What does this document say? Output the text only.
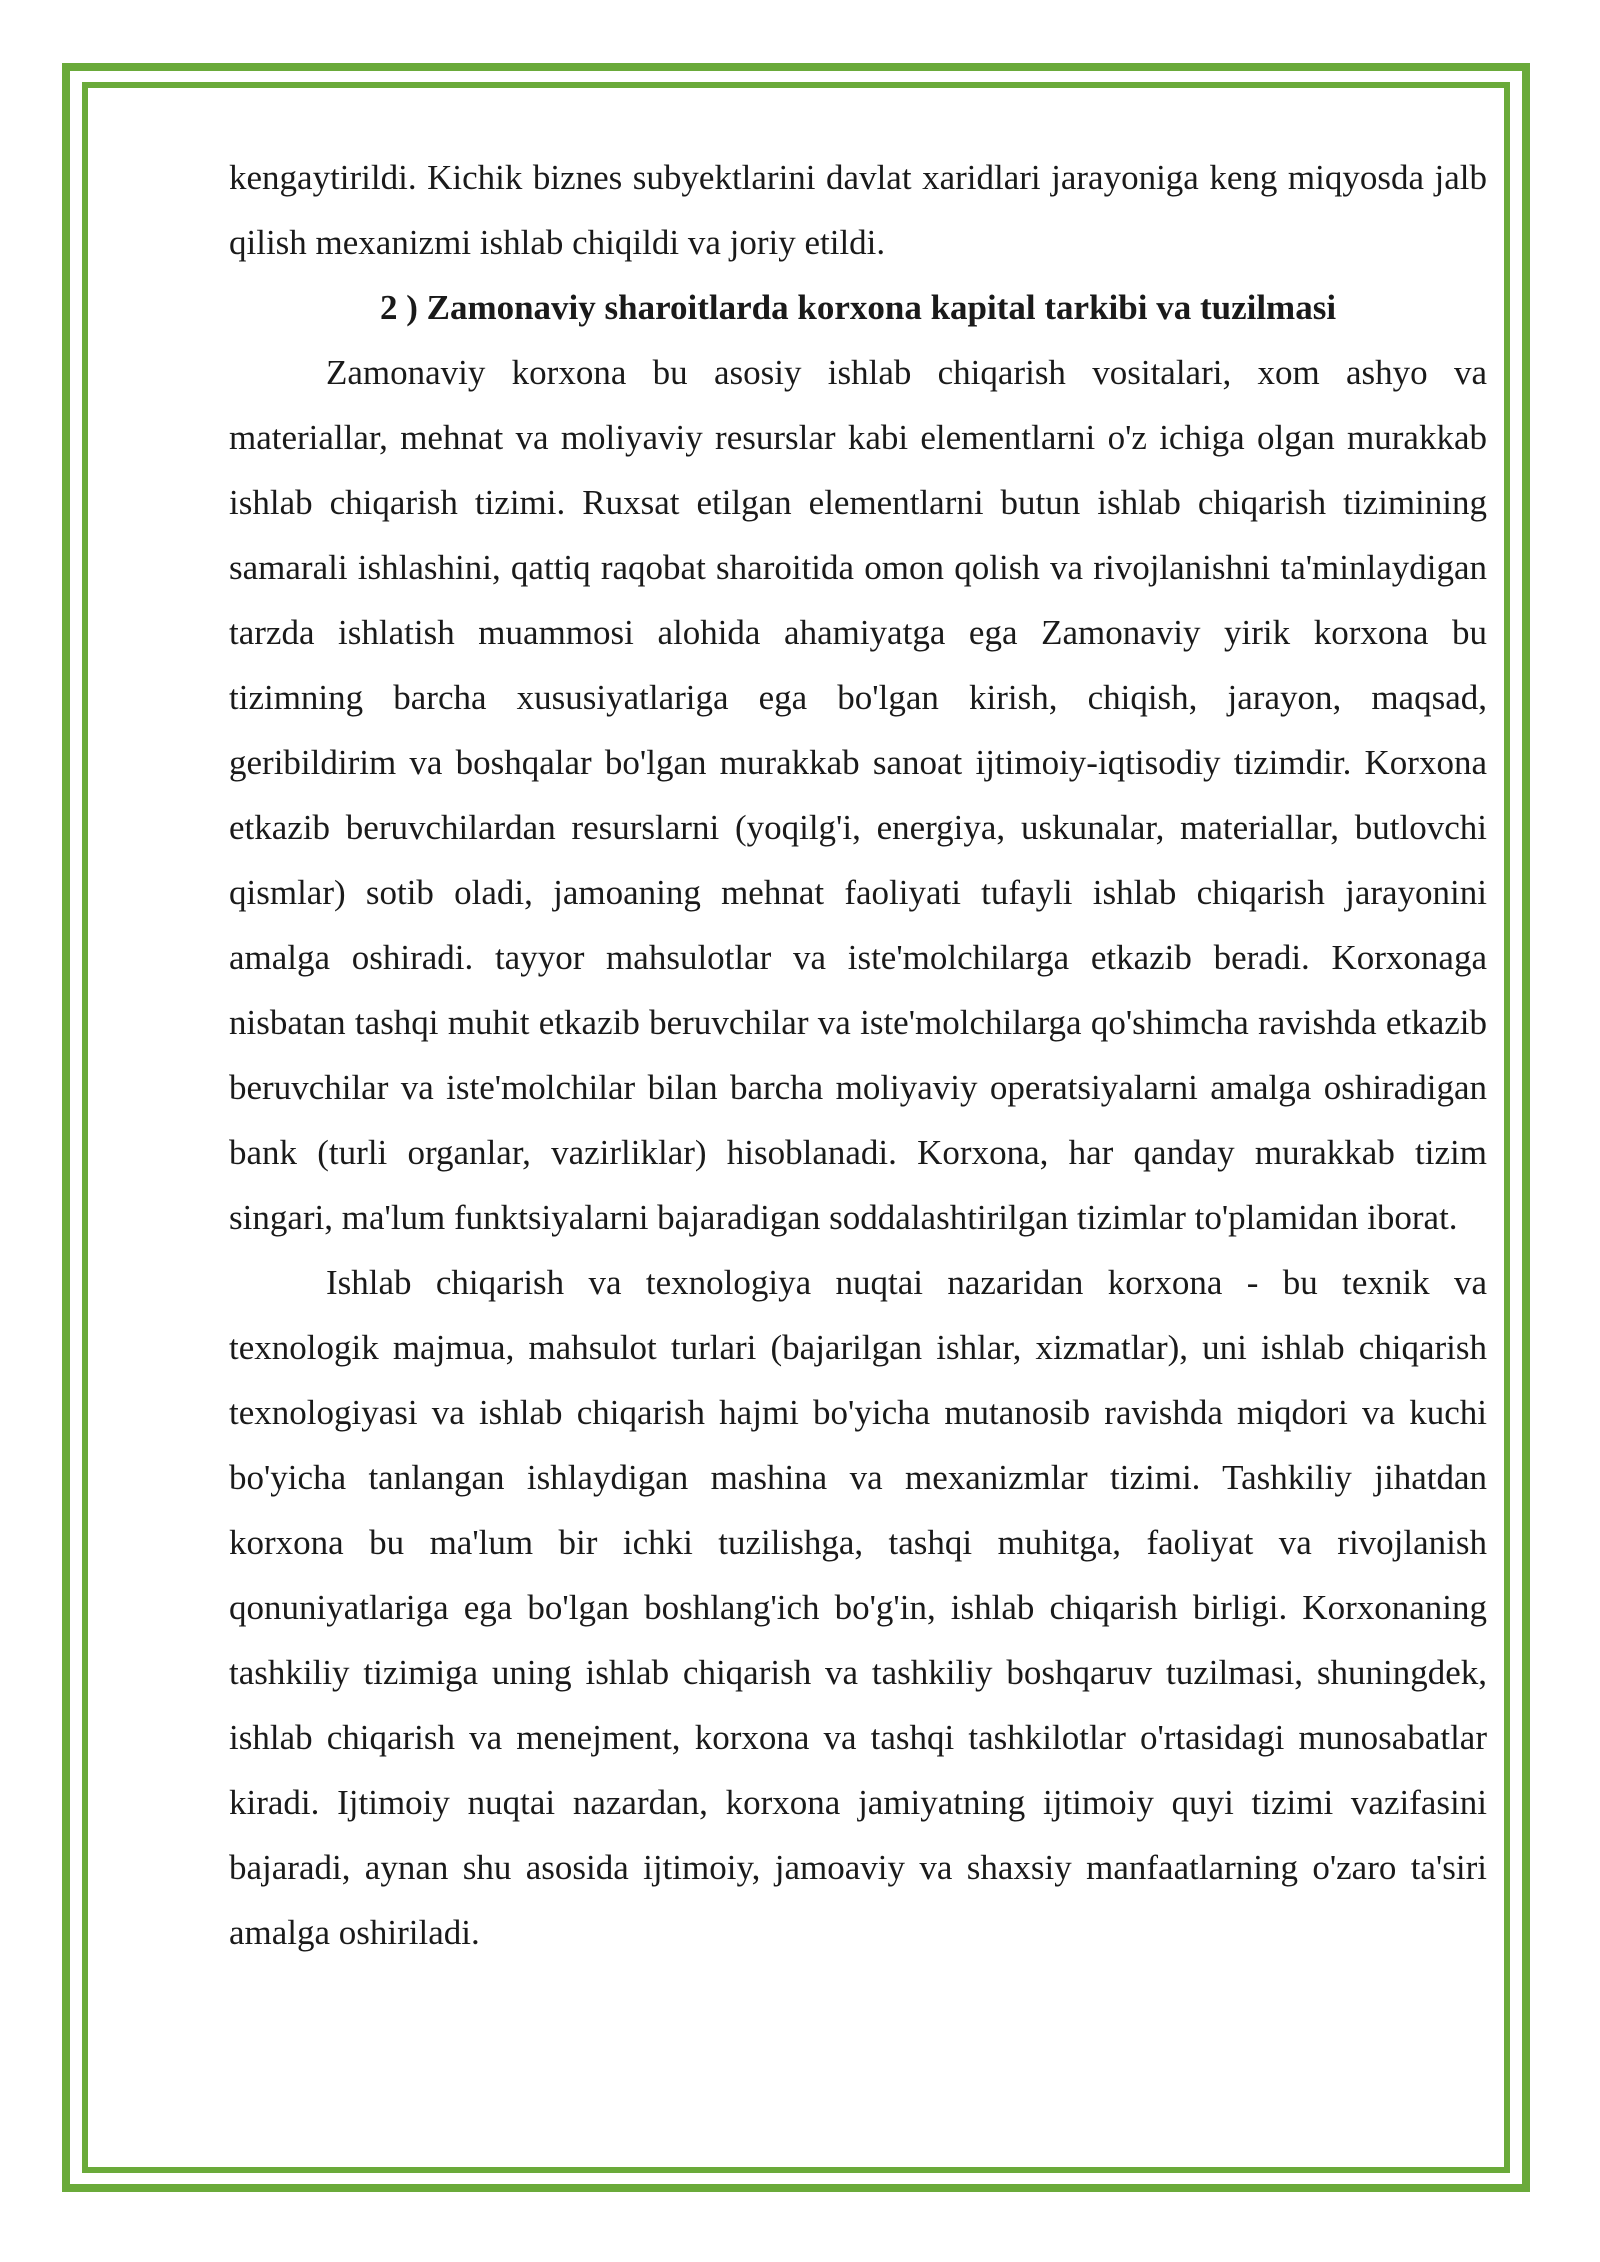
kengaytirildi. Kichik biznes subyektlarini davlat xaridlari jarayoniga keng miqyosda jalb qilish mexanizmi ishlab chiqildi va joriy etildi.

2 ) Zamonaviy sharoitlarda korxona kapital tarkibi va tuzilmasi

Zamonaviy korxona bu asosiy ishlab chiqarish vositalari, xom ashyo va materiallar, mehnat va moliyaviy resurslar kabi elementlarni o'z ichiga olgan murakkab ishlab chiqarish tizimi. Ruxsat etilgan elementlarni butun ishlab chiqarish tizimining samarali ishlashini, qattiq raqobat sharoitida omon qolish va rivojlanishni ta'minlaydigan tarzda ishlatish muammosi alohida ahamiyatga ega Zamonaviy yirik korxona bu tizimning barcha xususiyatlariga ega bo'lgan kirish, chiqish, jarayon, maqsad, geribildirim va boshqalar bo'lgan murakkab sanoat ijtimoiy-iqtisodiy tizimdir. Korxona etkazib beruvchilardan resurslarni (yoqilg'i, energiya, uskunalar, materiallar, butlovchi qismlar) sotib oladi, jamoaning mehnat faoliyati tufayli ishlab chiqarish jarayonini amalga oshiradi. tayyor mahsulotlar va iste'molchilarga etkazib beradi. Korxonaga nisbatan tashqi muhit etkazib beruvchilar va iste'molchilarga qo'shimcha ravishda etkazib beruvchilar va iste'molchilar bilan barcha moliyaviy operatsiyalarni amalga oshiradigan bank (turli organlar, vazirliklar) hisoblanadi. Korxona, har qanday murakkab tizim singari, ma'lum funktsiyalarni bajaradigan soddalashtirilgan tizimlar to'plamidan iborat.

Ishlab chiqarish va texnologiya nuqtai nazaridan korxona - bu texnik va texnologik majmua, mahsulot turlari (bajarilgan ishlar, xizmatlar), uni ishlab chiqarish texnologiyasi va ishlab chiqarish hajmi bo'yicha mutanosib ravishda miqdori va kuchi bo'yicha tanlangan ishlaydigan mashina va mexanizmlar tizimi. Tashkiliy jihatdan korxona bu ma'lum bir ichki tuzilishga, tashqi muhitga, faoliyat va rivojlanish qonuniyatlariga ega bo'lgan boshlang'ich bo'g'in, ishlab chiqarish birligi. Korxonaning tashkiliy tizimiga uning ishlab chiqarish va tashkiliy boshqaruv tuzilmasi, shuningdek, ishlab chiqarish va menejment, korxona va tashqi tashkilotlar o'rtasidagi munosabatlar kiradi. Ijtimoiy nuqtai nazardan, korxona jamiyatning ijtimoiy quyi tizimi vazifasini bajaradi, aynan shu asosida ijtimoiy, jamoaviy va shaxsiy manfaatlarning o'zaro ta'siri amalga oshiriladi.
